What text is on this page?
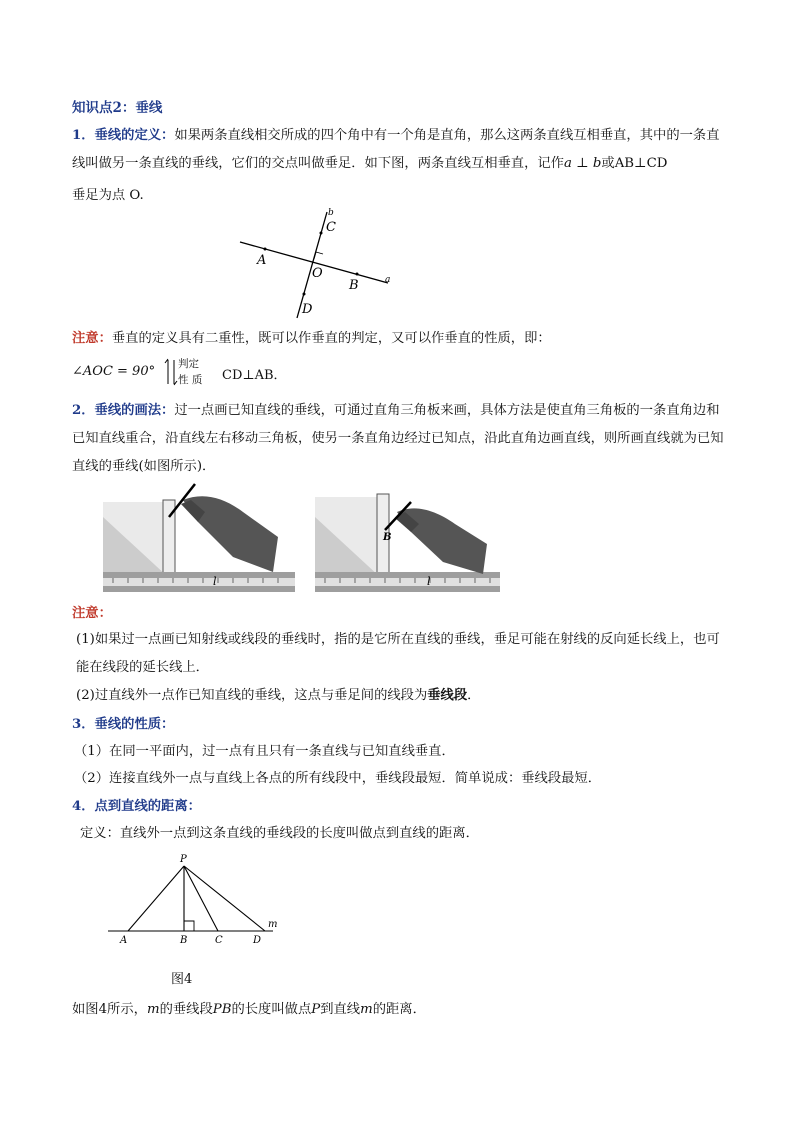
知识点2：垂线
1．垂线的定义：如果两条直线相交所成的四个角中有一个角是直角，那么这两条直线互相垂直，其中的一条直线叫做另一条直线的垂线，它们的交点叫做垂足．如下图，两条直线互相垂直，记作a ⊥ b或AB⊥CD
垂足为点 O.
b
C
A
O
B	a
D
注意：垂直的定义具有二重性，既可以作垂直的判定，又可以作垂直的性质，即：
∠AOC = 90° 判定
性 质 CD⊥AB．
2．垂线的画法：过一点画已知直线的垂线，可通过直角三角板来画，具体方法是使直角三角板的一条直角边和已知直线重合，沿直线左右移动三角板，使另一条直角边经过已知点，沿此直角边画直线，则所画直线就为已知直线的垂线(如图所示)．
l
B
l
注意：
(1)如果过一点画已知射线或线段的垂线时，指的是它所在直线的垂线，垂足可能在射线的反向延长线上，也可能在线段的延长线上．
(2)过直线外一点作已知直线的垂线，这点与垂足间的线段为垂线段．
3．垂线的性质：
（1）在同一平面内，过一点有且只有一条直线与已知直线垂直．
（2）连接直线外一点与直线上各点的所有线段中，垂线段最短．简单说成：垂线段最短．
4．点到直线的距离：
定义：直线外一点到这条直线的垂线段的长度叫做点到直线的距离．
P
A	B	C	D
m
图4
如图4所示，m的垂线段PB的长度叫做点P到直线m的距离．
